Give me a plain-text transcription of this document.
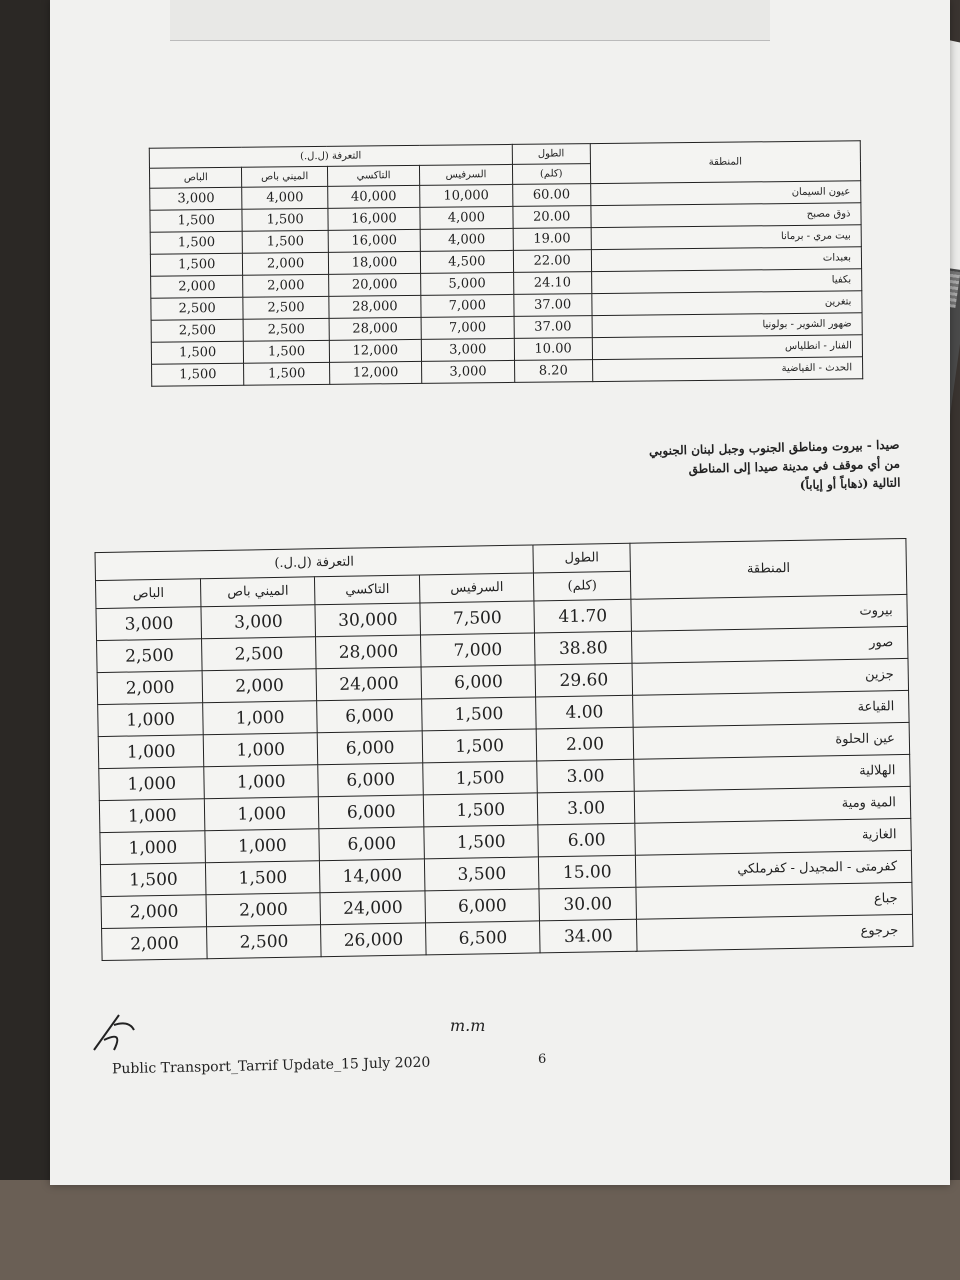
المنطقة	الطول	التعرفة (ل.ل.)			
	(كلم)	السرفيس	التاكسي	الميني باص	الباص
عيون السيمان	60.00	10,000	40,000	4,000	3,000
ذوق مصبح	20.00	4,000	16,000	1,500	1,500
بيت مري - برمانا	19.00	4,000	16,000	1,500	1,500
بعبدات	22.00	4,500	18,000	2,000	1,500
بكفيا	24.10	5,000	20,000	2,000	2,000
بتغرين	37.00	7,000	28,000	2,500	2,500
ضهور الشوير - بولونيا	37.00	7,000	28,000	2,500	2,500
الفنار - انطلياس	10.00	3,000	12,000	1,500	1,500
الحدث - الفياضية	8.20	3,000	12,000	1,500	1,500
صيدا - بيروت ومناطق الجنوب وجبل لبنان الجنوبي
من أي موقف في مدينة صيدا إلى المناطق
التالية (ذهاباً أو إياباً)
المنطقة	الطول	التعرفة (ل.ل.)			
	(كلم)	السرفيس	التاكسي	الميني باص	الباص
بيروت	41.70	7,500	30,000	3,000	3,000
صور	38.80	7,000	28,000	2,500	2,500
جزين	29.60	6,000	24,000	2,000	2,000
القياعة	4.00	1,500	6,000	1,000	1,000
عين الحلوة	2.00	1,500	6,000	1,000	1,000
الهلالية	3.00	1,500	6,000	1,000	1,000
المية ومية	3.00	1,500	6,000	1,000	1,000
الغازية	6.00	1,500	6,000	1,000	1,000
كفرمتى - المجيدل - كفرملكي	15.00	3,500	14,000	1,500	1,500
جباع	30.00	6,000	24,000	2,000	2,000
جرجوع	34.00	6,500	26,000	2,500	2,000
m.m
6
Public Transport_Tarrif Update_15 July 2020
